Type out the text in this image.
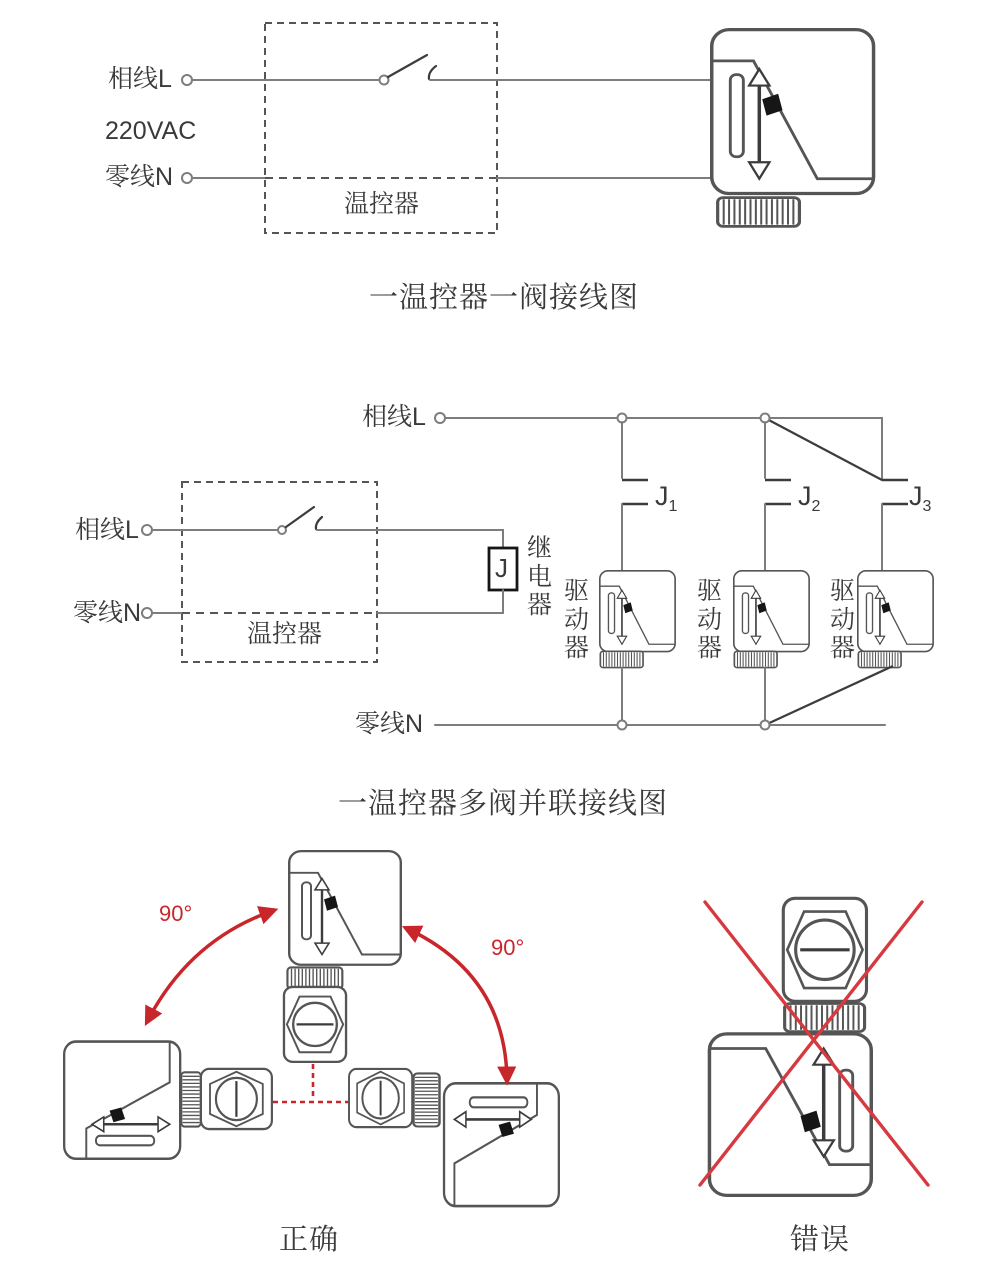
相线L
220VAC
零线N
温控器
一温控器一阀接线图
相线L
相线L
零线N
温控器
J
继电器
$J_1$	$J_2$	$J_3$
驱动器
驱动器
驱动器
零线N
一温控器多阀并联接线图
90°
90°
正确	错误
